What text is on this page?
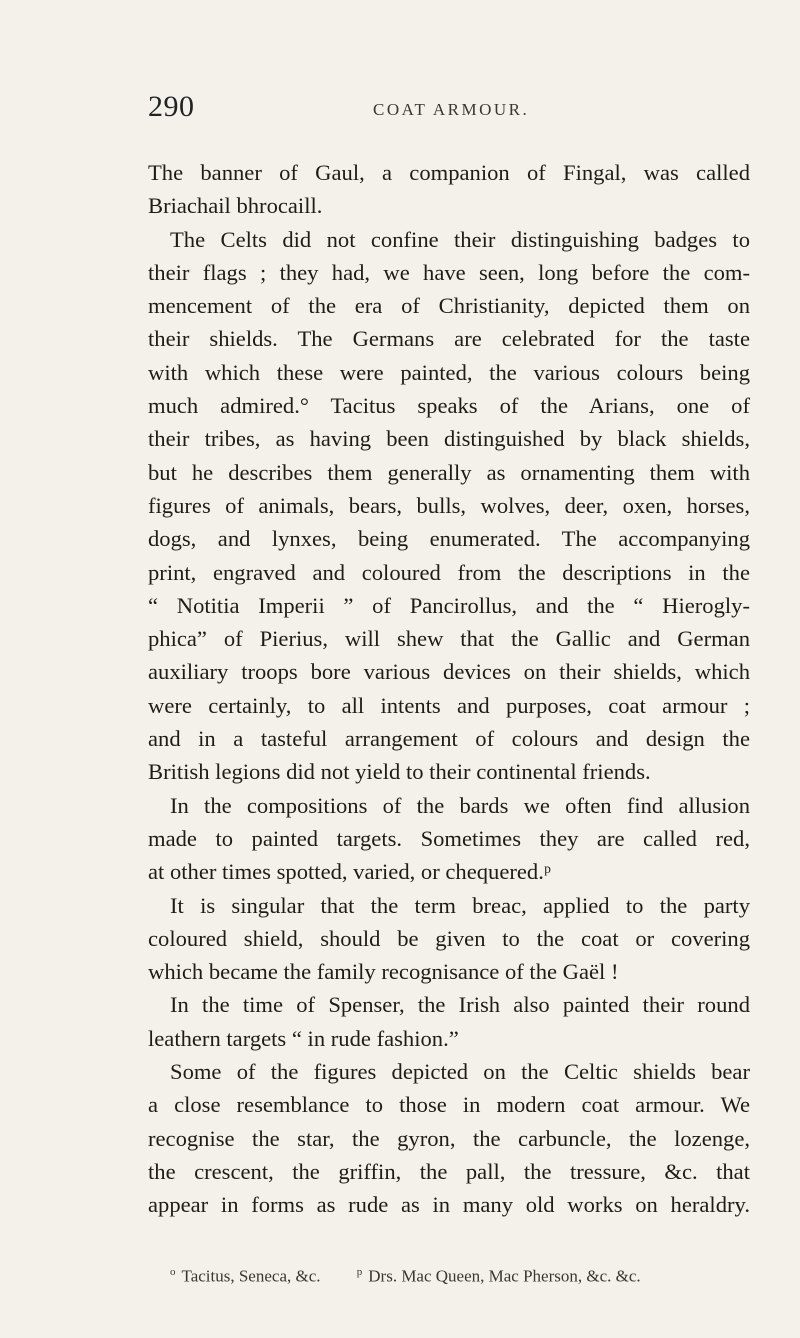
290	COAT ARMOUR.
The banner of Gaul, a companion of Fingal, was called
Briachail bhrocaill.
The Celts did not confine their distinguishing badges to
their flags ; they had, we have seen, long before the com-
mencement of the era of Christianity, depicted them on
their shields. The Germans are celebrated for the taste
with which these were painted, the various colours being
much admired.° Tacitus speaks of the Arians, one of
their tribes, as having been distinguished by black shields,
but he describes them generally as ornamenting them with
figures of animals, bears, bulls, wolves, deer, oxen, horses,
dogs, and lynxes, being enumerated. The accompanying
print, engraved and coloured from the descriptions in the
“ Notitia Imperii ” of Pancirollus, and the “ Hierogly-
phica” of Pierius, will shew that the Gallic and German
auxiliary troops bore various devices on their shields, which
were certainly, to all intents and purposes, coat armour ;
and in a tasteful arrangement of colours and design the
British legions did not yield to their continental friends.
In the compositions of the bards we often find allusion
made to painted targets. Sometimes they are called red,
at other times spotted, varied, or chequered.ᵖ
It is singular that the term breac, applied to the party
coloured shield, should be given to the coat or covering
which became the family recognisance of the Gaël !
In the time of Spenser, the Irish also painted their round
leathern targets “ in rude fashion.”
Some of the figures depicted on the Celtic shields bear
a close resemblance to those in modern coat armour. We
recognise the star, the gyron, the carbuncle, the lozenge,
the crescent, the griffin, the pall, the tressure, &c. that
appear in forms as rude as in many old works on heraldry.
$^o$ Tacitus, Seneca, &c.	$^p$ Drs. Mac Queen, Mac Pherson, &c. &c.
